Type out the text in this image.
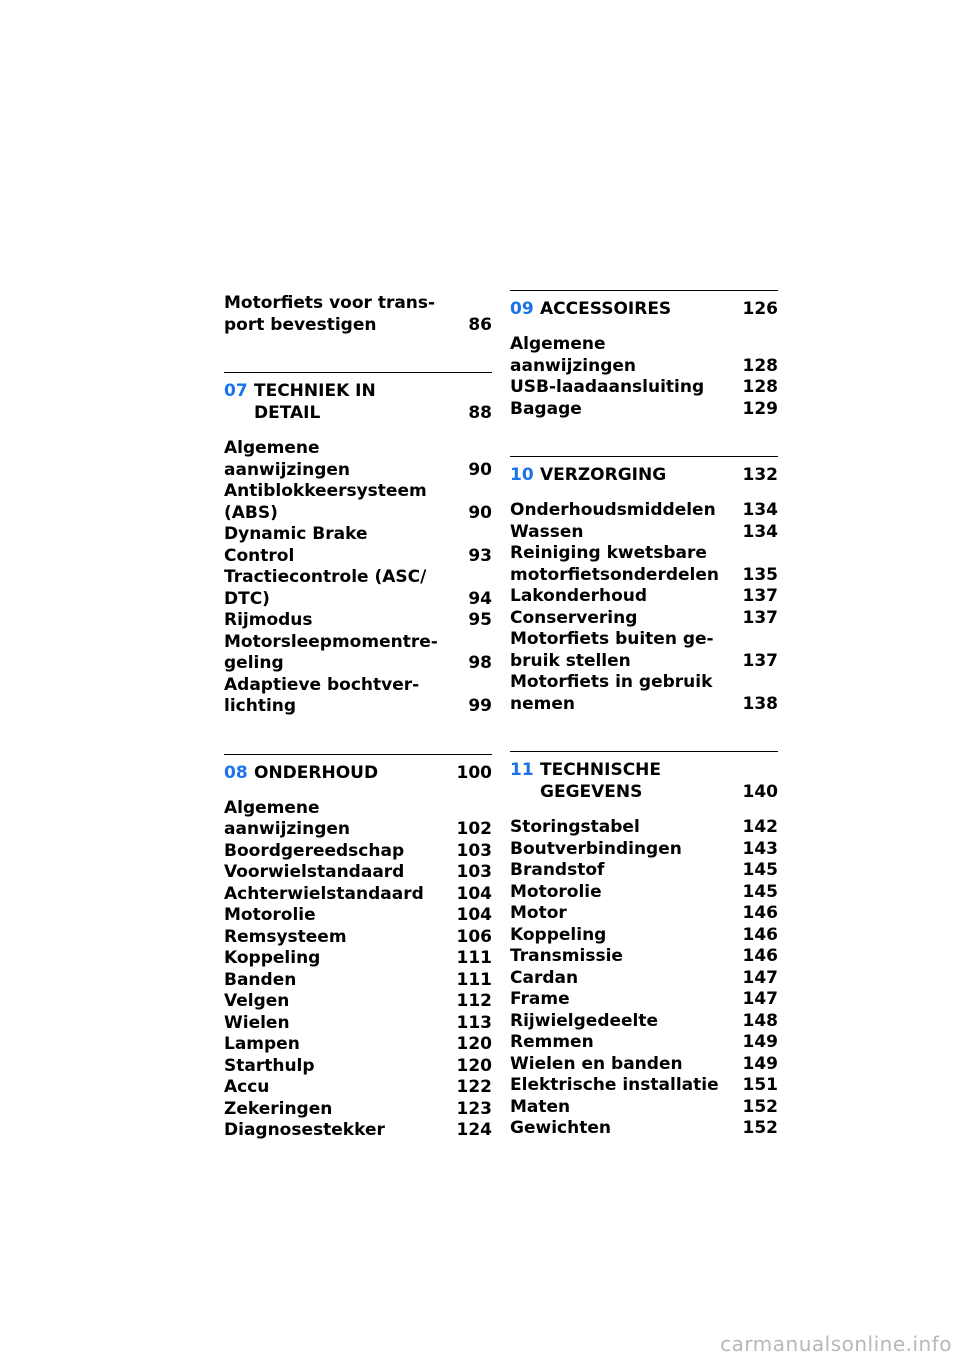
Motorfiets voor trans-
port bevestigen	86
07 TECHNIEK IN
DETAIL	88
Algemene
aanwijzingen	90
Antiblokkeersysteem
(ABS)	90
Dynamic Brake Control	93
Tractiecontrole (ASC/
DTC)	94
Rijmodus	95
Motorsleepmomentre-
geling	98
Adaptieve bochtver-
lichting	99
08 ONDERHOUD	100
Algemene
aanwijzingen	102
Boordgereedschap	103
Voorwielstandaard	103
Achterwielstandaard	104
Motorolie	104
Remsysteem	106
Koppeling	111
Banden	111
Velgen	112
Wielen	113
Lampen	120
Starthulp	120
Accu	122
Zekeringen	123
Diagnosestekker	124
09 ACCESSOIRES	126
Algemene
aanwijzingen	128
USB-laadaansluiting	128
Bagage	129
10 VERZORGING	132
Onderhoudsmiddelen	134
Wassen	134
Reiniging kwetsbare
motorfietsonderdelen	135
Lakonderhoud	137
Conservering	137
Motorfiets buiten ge-
bruik stellen	137
Motorfiets in gebruik
nemen	138
11 TECHNISCHE
GEGEVENS	140
Storingstabel	142
Boutverbindingen	143
Brandstof	145
Motorolie	145
Motor	146
Koppeling	146
Transmissie	146
Cardan	147
Frame	147
Rijwielgedeelte	148
Remmen	149
Wielen en banden	149
Elektrische installatie	151
Maten	152
Gewichten	152
carmanualsonline.info
